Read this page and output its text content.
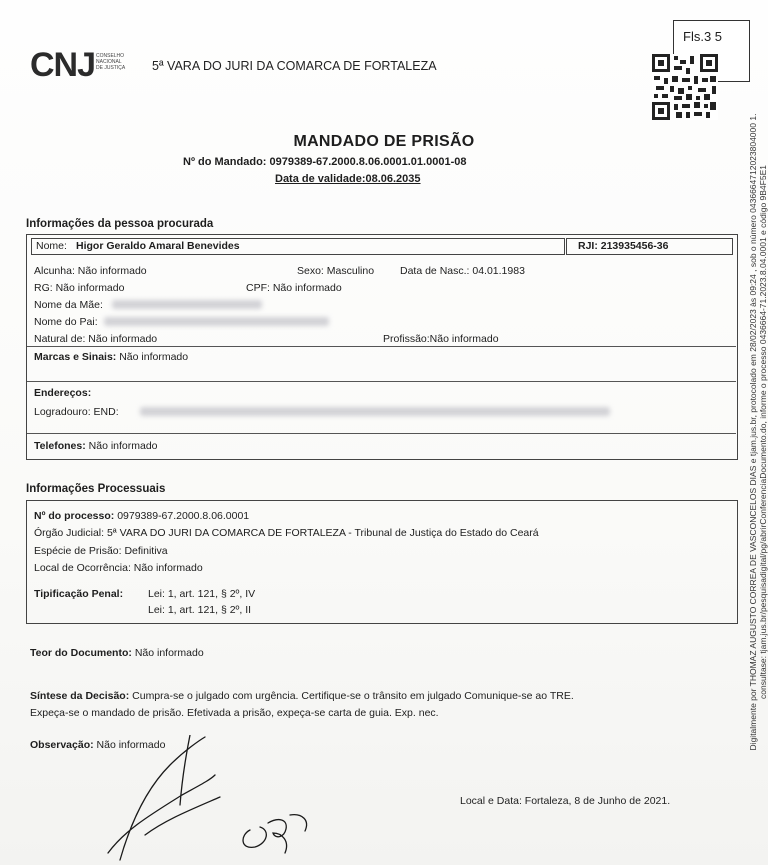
CNJ CONSELHO
NACIONAL
DE JUSTIÇA	5ª VARA DO JURI DA COMARCA DE FORTALEZA
Fls.3 5
MANDADO DE PRISÃO
Nº do Mandado: 0979389-67.2000.8.06.0001.01.0001-08
Data de validade:08.06.2035
Informações da pessoa procurada
Nome: Higor Geraldo Amaral Benevides	RJI: 213935456-36
Alcunha: Não informado	Sexo: Masculino Data de Nasc.: 04.01.1983
RG: Não informado	CPF: Não informado
Nome da Mãe:
Nome do Pai:
Natural de: Não informado	Profissão:Não informado
Marcas e Sinais: Não informado
Endereços:
Logradouro: END:
Telefones: Não informado
Informações Processuais
Nº do processo: 0979389-67.2000.8.06.0001
Órgão Judicial: 5ª VARA DO JURI DA COMARCA DE FORTALEZA - Tribunal de Justiça do Estado do Ceará
Espécie de Prisão: Definitiva
Local de Ocorrência: Não informado
Tipificação Penal: Lei: 1, art. 121, § 2º, IV
Lei: 1, art. 121, § 2º, II
Teor do Documento: Não informado
Síntese da Decisão: Cumpra-se o julgado com urgência. Certifique-se o trânsito em julgado Comunique-se ao TRE.
Expeça-se o mandado de prisão. Efetivada a prisão, expeça-se carta de guia. Exp. nec.
Observação: Não informado
Local e Data: Fortaleza, 8 de Junho de 2021.
Digitalmente por THOMAZ AUGUSTO CORREA DE VASCONCELOS DIAS e tjam.jus.br, protocolado em 28/02/2023 às 09:24 , sob o número 0436664712023804000 1. consultase: tjam.jus.br/pesquisadigital/pg/abrirConferenciaDocumento.do, informe o processo 0436664-71.2023.8.04.0001 e código 9B4F5E1
